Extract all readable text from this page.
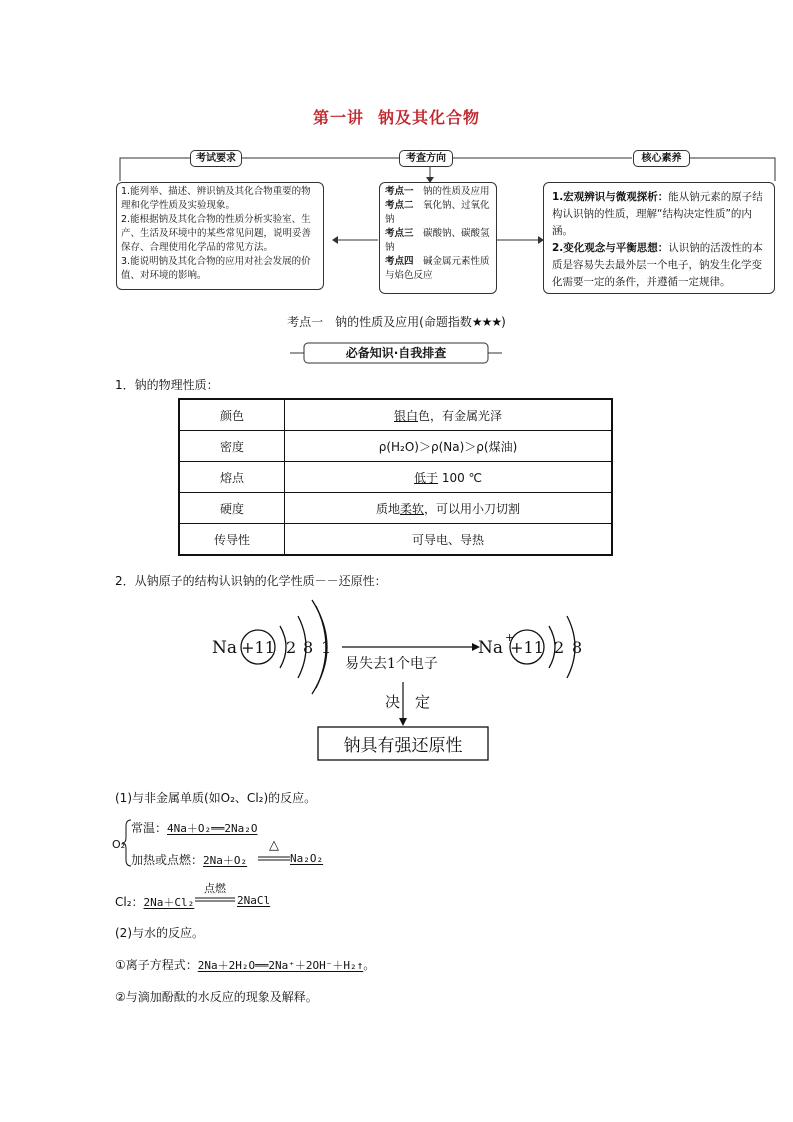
第一讲 钠及其化合物
考试要求	考查方向	核心素养
1.能列举、描述、辨识钠及其化合物重要的物理和化学性质及实验现象。
2.能根据钠及其化合物的性质分析实验室、生产、生活及环境中的某些常见问题，说明妥善保存、合理使用化学品的常见方法。
3.能说明钠及其化合物的应用对社会发展的价值、对环境的影响。
考点一　 钠的性质及应用
考点二　 氧化钠、过氧化钠
考点三　 碳酸钠、碳酸氢钠
考点四　 碱金属元素性质与焰色反应
1.宏观辨识与微观探析：能从钠元素的原子结构认识钠的性质，理解“结构决定性质”的内涵。
2.变化观念与平衡思想：认识钠的活泼性的本质是容易失去最外层一个电子，钠发生化学变化需要一定的条件，并遵循一定规律。
考点一　钠的性质及应用(命题指数★★★)
必备知识·自我排查
1．钠的物理性质：
颜色	银白色，有金属光泽
密度	ρ(H₂O)＞ρ(Na)＞ρ(煤油)
熔点	低于 100 ℃
硬度	质地柔软，可以用小刀切割
传导性	可导电、导热
2．从钠原子的结构认识钠的化学性质－－还原性：
Na +11 2 8 1
易失去1个电子
Na
+
+11 2 8
决　定
钠具有强还原性
(1)与非金属单质(如O₂、Cl₂)的反应。
O₂
常温：4Na＋O₂══2Na₂O
加热或点燃：2Na＋O₂
△
Na₂O₂
Cl₂：2Na＋Cl₂
点燃
2NaCl
(2)与水的反应。
①离子方程式：2Na＋2H₂O══2Na⁺＋2OH⁻＋H₂↑。
②与滴加酚酞的水反应的现象及解释。
